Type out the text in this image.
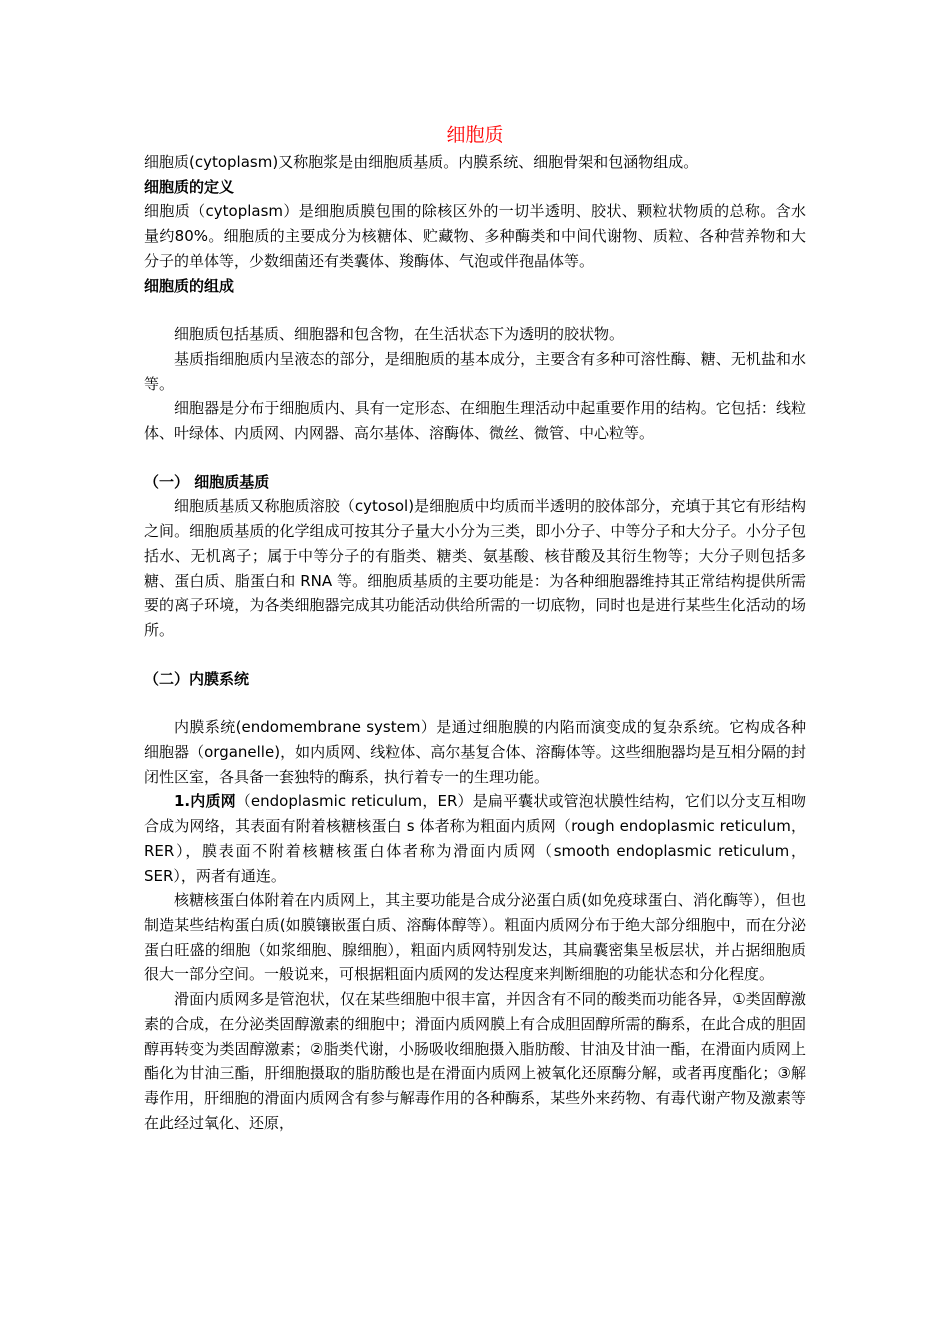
细胞质

细胞质(cytoplasm)又称胞浆是由细胞质基质。内膜系统、细胞骨架和包涵物组成。

细胞质的定义

细胞质（cytoplasm）是细胞质膜包围的除核区外的一切半透明、胶状、颗粒状物质的总称。含水量约80%。细胞质的主要成分为核糖体、贮藏物、多种酶类和中间代谢物、质粒、各种营养物和大分子的单体等，少数细菌还有类囊体、羧酶体、气泡或伴孢晶体等。

细胞质的组成

细胞质包括基质、细胞器和包含物，在生活状态下为透明的胶状物。

基质指细胞质内呈液态的部分，是细胞质的基本成分，主要含有多种可溶性酶、糖、无机盐和水等。

细胞器是分布于细胞质内、具有一定形态、在细胞生理活动中起重要作用的结构。它包括：线粒体、叶绿体、内质网、内网器、高尔基体、溶酶体、微丝、微管、中心粒等。

（一） 细胞质基质

细胞质基质又称胞质溶胶（cytosol)是细胞质中均质而半透明的胶体部分，充填于其它有形结构之间。细胞质基质的化学组成可按其分子量大小分为三类，即小分子、中等分子和大分子。小分子包括水、无机离子；属于中等分子的有脂类、糖类、氨基酸、核苷酸及其衍生物等；大分子则包括多糖、蛋白质、脂蛋白和 RNA 等。细胞质基质的主要功能是：为各种细胞器维持其正常结构提供所需要的离子环境，为各类细胞器完成其功能活动供给所需的一切底物，同时也是进行某些生化活动的场所。

（二）内膜系统

内膜系统(endomembrane system）是通过细胞膜的内陷而演变成的复杂系统。它构成各种细胞器（organelle)，如内质网、线粒体、高尔基复合体、溶酶体等。这些细胞器均是互相分隔的封闭性区室，各具备一套独特的酶系，执行着专一的生理功能。

1.内质网（endoplasmic reticulum，ER）是扁平囊状或管泡状膜性结构，它们以分支互相吻合成为网络，其表面有附着核糖核蛋白 s 体者称为粗面内质网（rough endoplasmic reticulum，RER），膜表面不附着核糖核蛋白体者称为滑面内质网（smooth endoplasmic reticulum，SER），两者有通连。

核糖核蛋白体附着在内质网上，其主要功能是合成分泌蛋白质(如免疫球蛋白、消化酶等），但也制造某些结构蛋白质(如膜镶嵌蛋白质、溶酶体醇等）。粗面内质网分布于绝大部分细胞中，而在分泌蛋白旺盛的细胞（如浆细胞、腺细胞），粗面内质网特别发达，其扁囊密集呈板层状，并占据细胞质很大一部分空间。一般说来，可根据粗面内质网的发达程度来判断细胞的功能状态和分化程度。

滑面内质网多是管泡状，仅在某些细胞中很丰富，并因含有不同的酸类而功能各异，①类固醇激素的合成，在分泌类固醇激素的细胞中；滑面内质网膜上有合成胆固醇所需的酶系，在此合成的胆固醇再转变为类固醇激素；②脂类代谢，小肠吸收细胞摄入脂肪酸、甘油及甘油一酯，在滑面内质网上酯化为甘油三酯，肝细胞摄取的脂肪酸也是在滑面内质网上被氧化还原酶分解，或者再度酯化；③解毒作用，肝细胞的滑面内质网含有参与解毒作用的各种酶系，某些外来药物、有毒代谢产物及激素等在此经过氧化、还原，
